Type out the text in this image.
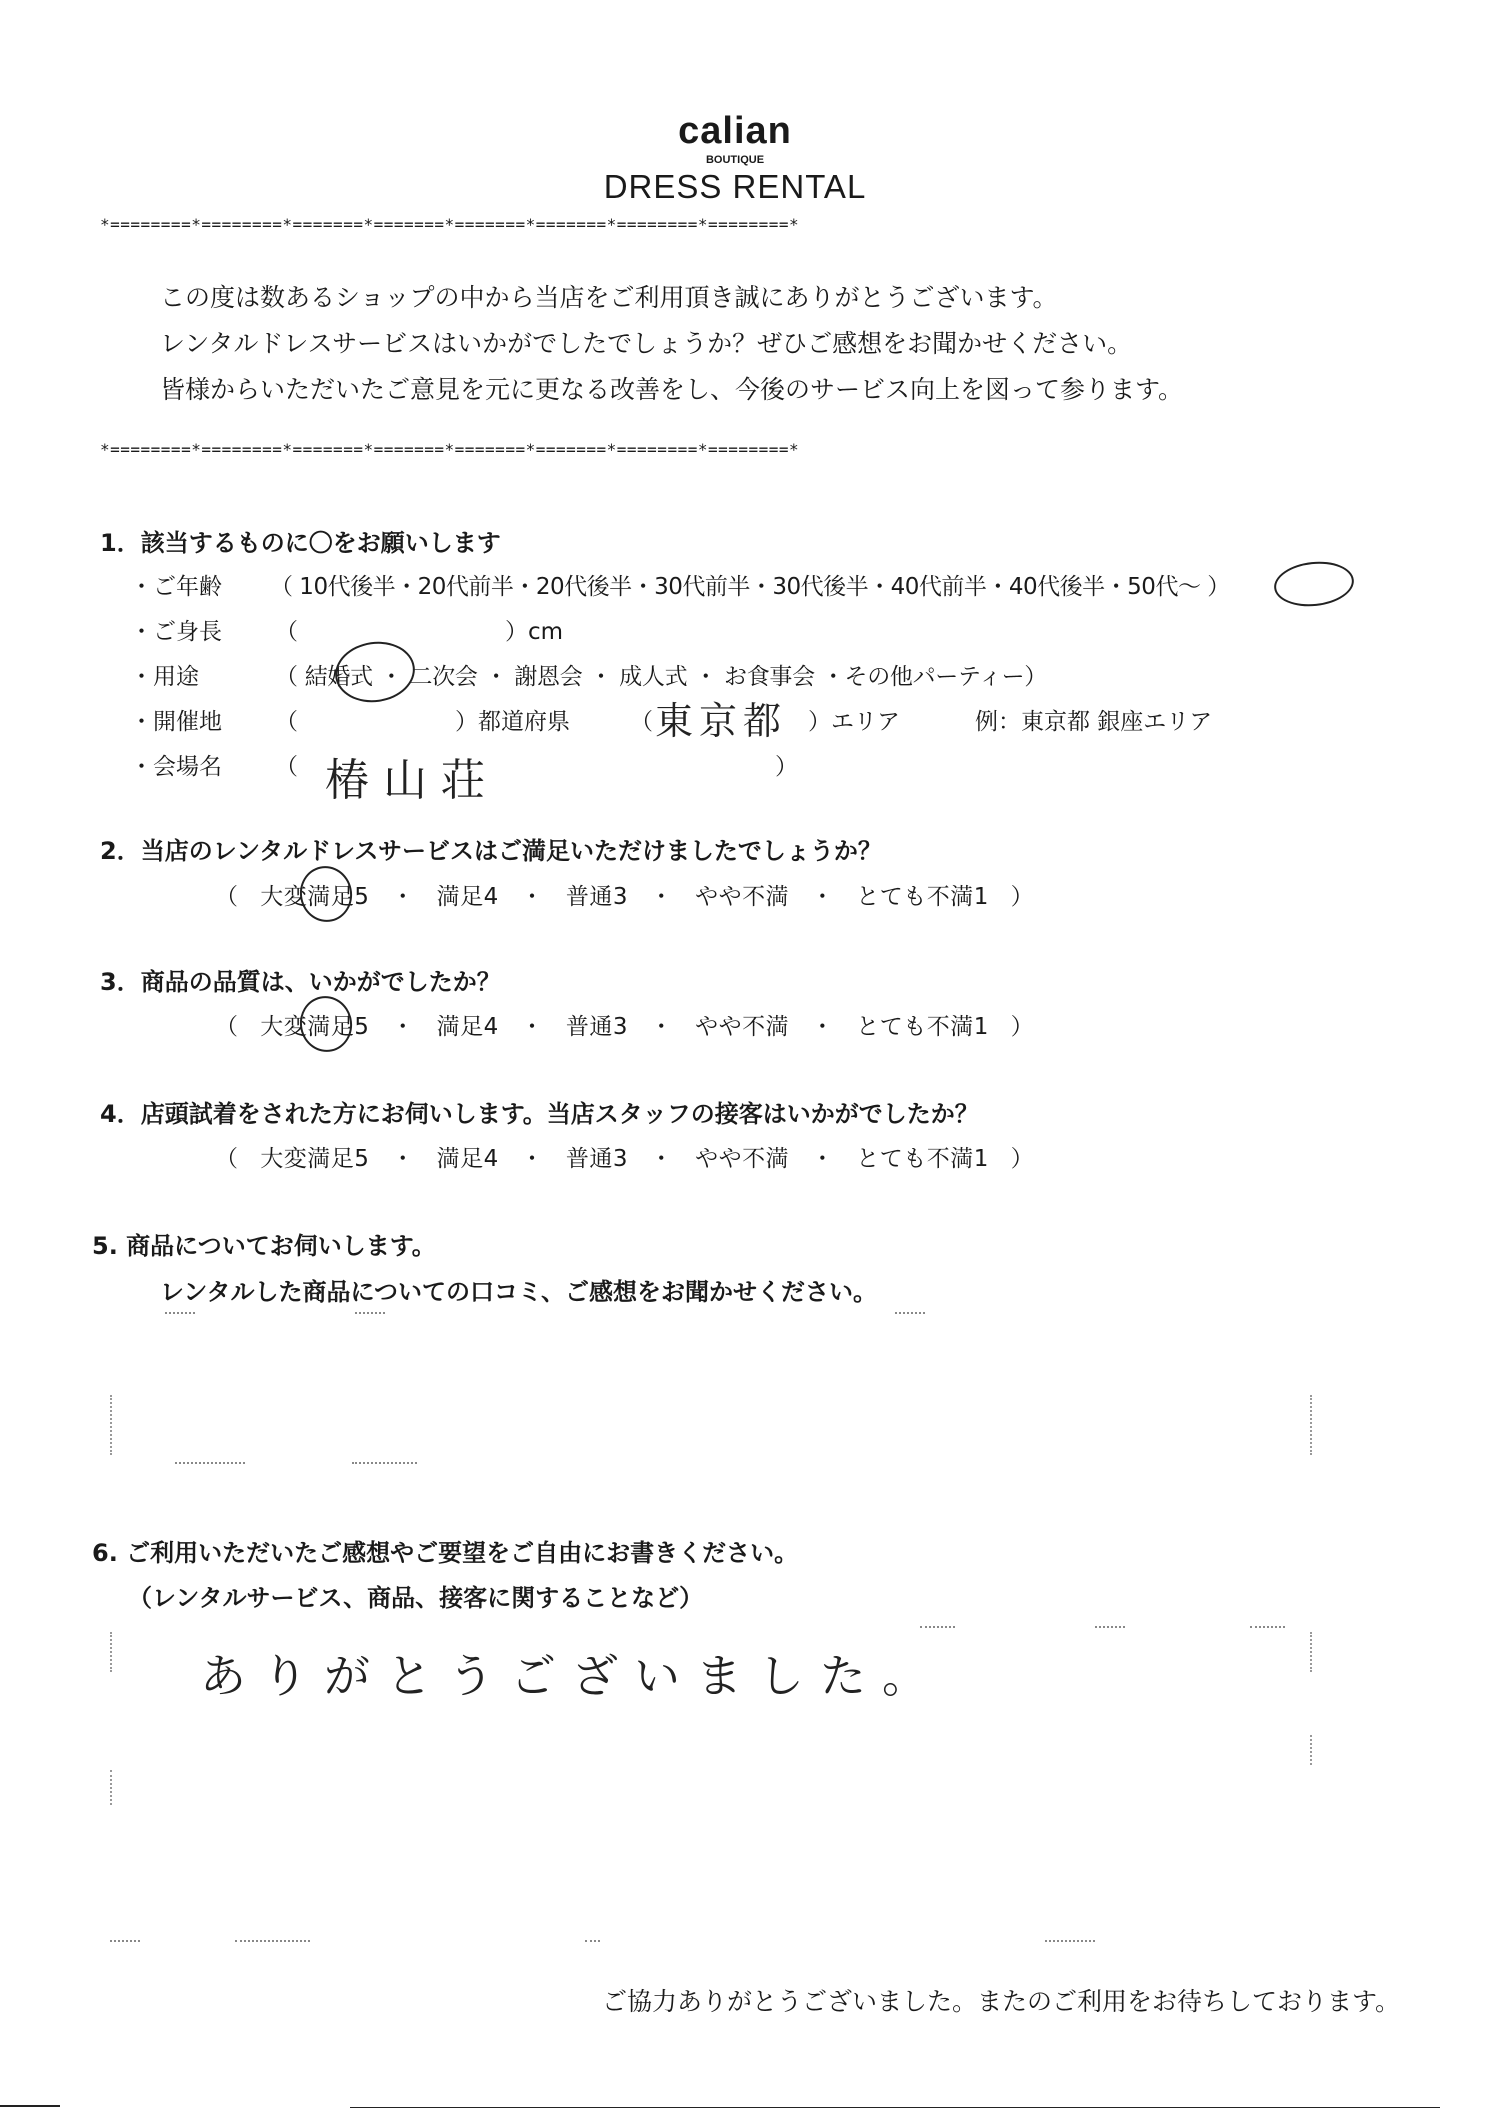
calian
BOUTIQUE
DRESS RENTAL
*========*========*=======*=======*=======*=======*========*========*
この度は数あるショップの中から当店をご利用頂き誠にありがとうございます。
レンタルドレスサービスはいかがでしたでしょうか？ぜひご感想をお聞かせください。
皆様からいただいたご意見を元に更なる改善をし、今後のサービス向上を図って参ります。
*========*========*=======*=======*=======*=======*========*========*
1．該当するものに〇をお願いします
・ご年齢 （ 10代後半・20代前半・20代後半・30代前半・30代後半・40代前半・40代後半・50代～ ）
・ご身長 （	）cm
・用途	（ 結婚式 ・ 二次会 ・ 謝恩会 ・ 成人式 ・ お食事会 ・その他パーティー）
・開催地 （	）都道府県	（ 東京都 ）エリア	例：東京都 銀座エリア
・会場名 （ 椿山荘	）
2．当店のレンタルドレスサービスはご満足いただけましたでしょうか？
（ 大変満足5 ・ 満足4 ・ 普通3 ・ やや不満 ・ とても不満1 ）
3．商品の品質は、いかがでしたか？
（ 大変満足5 ・ 満足4 ・ 普通3 ・ やや不満 ・ とても不満1 ）
4．店頭試着をされた方にお伺いします。当店スタッフの接客はいかがでしたか？
（ 大変満足5 ・ 満足4 ・ 普通3 ・ やや不満 ・ とても不満1 ）
5. 商品についてお伺いします。
レンタルした商品についての口コミ、ご感想をお聞かせください。
6. ご利用いただいたご感想やご要望をご自由にお書きください。
（レンタルサービス、商品、接客に関することなど）
ありがとうございました。
ご協力ありがとうございました。またのご利用をお待ちしております。
